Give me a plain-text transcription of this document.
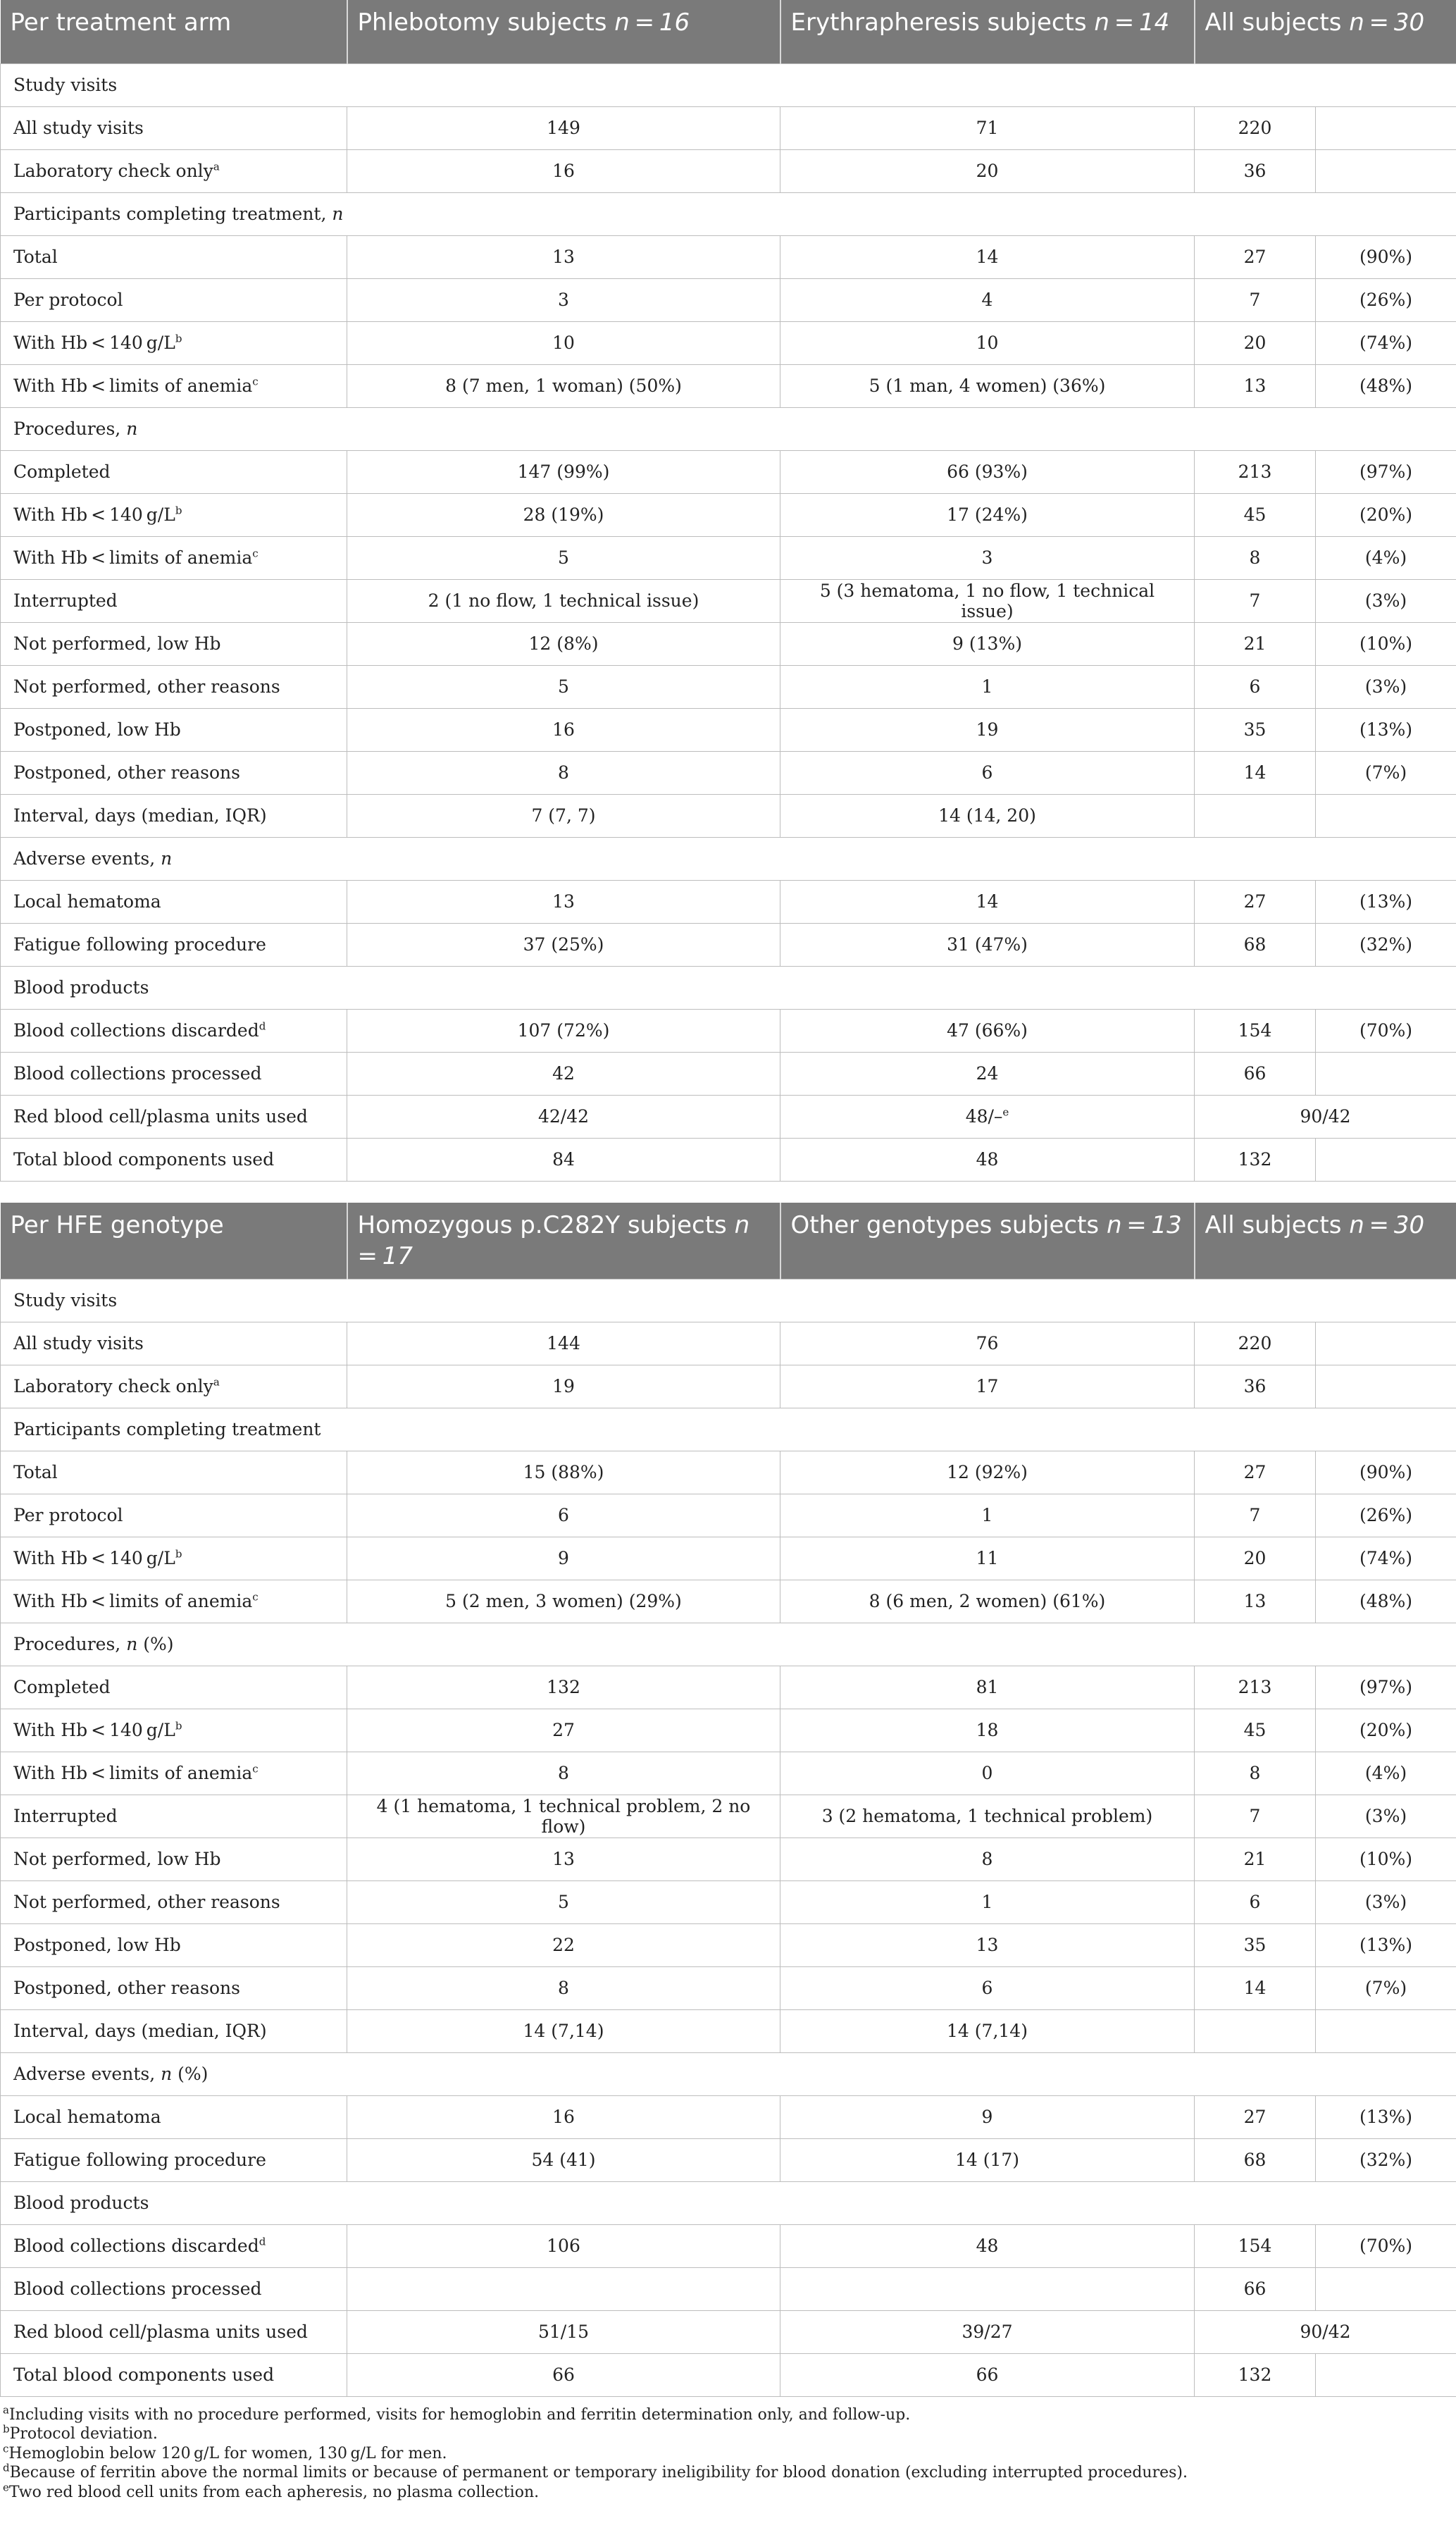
Per treatment arm	Phlebotomy subjects n = 16	Erythrapheresis subjects n = 14	All subjects n = 30	
Study visits				
All study visits	149	71	220	
Laboratory check only$^a$	16	20	36	
Participants completing treatment, n				
Total	13	14	27	(90%)
Per protocol	3	4	7	(26%)
With Hb < 140 $g/L^b$	10	10	20	(74%)
With Hb < limits of anemia$^c$	8 (7 men, 1 woman) (50%)	5 (1 man, 4 women) (36%)	13	(48%)
Procedures, n				
Completed	147 (99%)	66 (93%)	213	(97%)
With Hb < 140 $g/L^b$	28 (19%)	17 (24%)	45	(20%)
With Hb < limits of anemia$^c$	5	3	8	(4%)
Interrupted	2 (1 no flow, 1 technical issue)	5 (3 hematoma, 1 no flow, 1 technical issue)	7	(3%)
Not performed, low Hb	12 (8%)	9 (13%)	21	(10%)
Not performed, other reasons	5	1	6	(3%)
Postponed, low Hb	16	19	35	(13%)
Postponed, other reasons	8	6	14	(7%)
Interval, days (median, IQR)	7 (7, 7)	14 (14, 20)		
Adverse events, n				
Local hematoma	13	14	27	(13%)
Fatigue following procedure	37 (25%)	31 (47%)	68	(32%)
Blood products				
Blood collections discarded$^d$	107 (72%)	47 (66%)	154	(70%)
Blood collections processed	42	24	66	
Red blood cell/plasma units used	42/42	48/–$^e$	90/42	
Total blood components used	84	48	132	
Per HFE genotype	Homozygous p.C282Y subjects n = 17	Other genotypes subjects n = 13	All subjects n = 30	
Study visits				
All study visits	144	76	220	
Laboratory check only$^a$	19	17	36	
Participants completing treatment				
Total	15 (88%)	12 (92%)	27	(90%)
Per protocol	6	1	7	(26%)
With Hb < 140 $g/L^b$	9	11	20	(74%)
With Hb < limits of anemia$^c$	5 (2 men, 3 women) (29%)	8 (6 men, 2 women) (61%)	13	(48%)
Procedures, n (%)				
Completed	132	81	213	(97%)
With Hb < 140 $g/L^b$	27	18	45	(20%)
With Hb < limits of anemia$^c$	8	0	8	(4%)
Interrupted	4 (1 hematoma, 1 technical problem, 2 no flow)	3 (2 hematoma, 1 technical problem)	7	(3%)
Not performed, low Hb	13	8	21	(10%)
Not performed, other reasons	5	1	6	(3%)
Postponed, low Hb	22	13	35	(13%)
Postponed, other reasons	8	6	14	(7%)
Interval, days (median, IQR)	14 (7,14)	14 (7,14)		
Adverse events, n (%)				
Local hematoma	16	9	27	(13%)
Fatigue following procedure	54 (41)	14 (17)	68	(32%)
Blood products				
Blood collections discarded$^d$	106	48	154	(70%)
Blood collections processed			66	
Red blood cell/plasma units used	51/15	39/27	90/42	
Total blood components used	66	66	132	
$^a$Including visits with no procedure performed, visits for hemoglobin and ferritin determination only, and follow-up.
$^b$Protocol deviation.
$^c$Hemoglobin below 120 g/L for women, 130 g/L for men.
$^d$Because of ferritin above the normal limits or because of permanent or temporary ineligibility for blood donation (excluding interrupted procedures).
$^e$Two red blood cell units from each apheresis, no plasma collection.
